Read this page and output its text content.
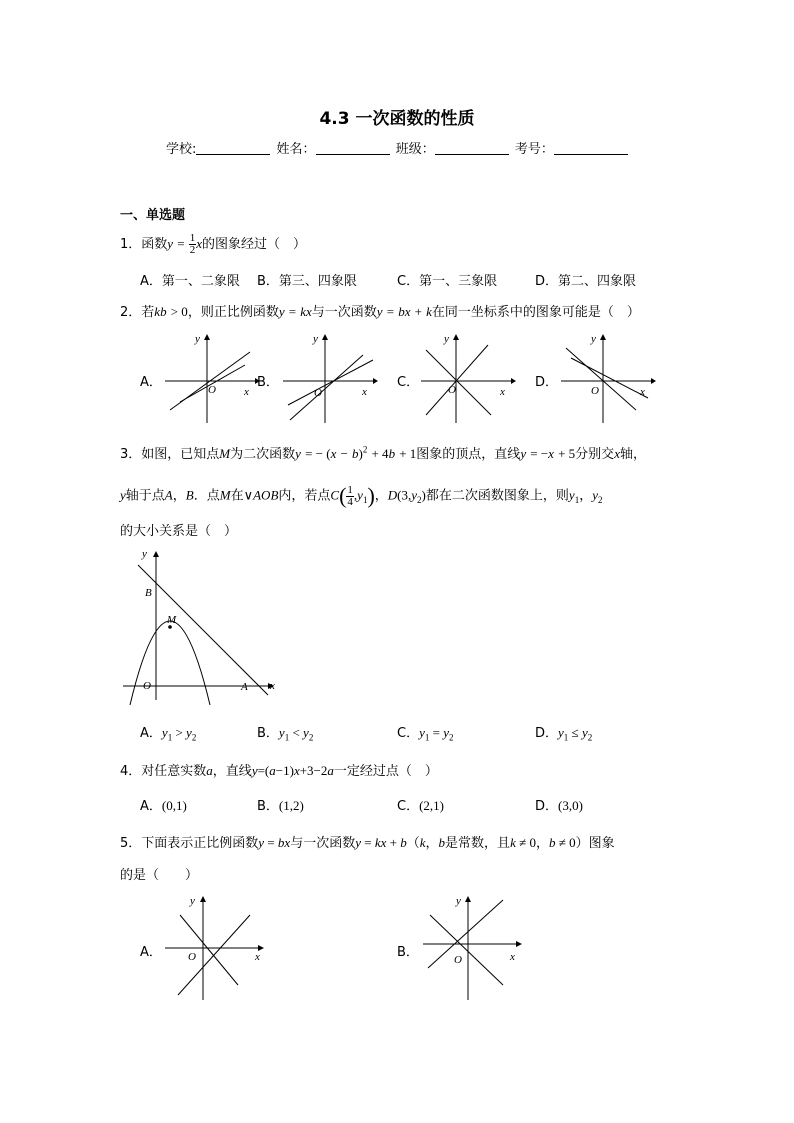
4.3 一次函数的性质
学校:	姓名：	班级：	考号：
一、单选题
1．函数$y = \frac{1}{2}$ x的图象经过（　）
A．第一、二象限 B．第三、四象限	C．第一、三象限	D．第二、四象限
2．若kb > 0，则正比例函数y = kx与一次函数y = bx + k在同一坐标系中的图象可能是（　）
A．
y
O	x
B．
y
O	x
C．
y
O	x
D．
y
O	x
3．如图，已知点M为二次函数y = − $(x - b)^2 + 4b + 1$图象的顶点，直线y = −x + 5分别交x轴，
y轴于点A，B．点M在∨AOB内，若点$C( \frac{1}{4} ,y_1)$，$D(3,y_2)$都在二次函数图象上，则$y_1$，$y_2$
的大小关系是（　）
y
B
M
O	A x
A．$y_1 > y_2$	B．$y_1 < y_2$	C．$y_1 = y_2$	D．$y_1 \le y_2$
4．对任意实数a，直线y=(a−1)x+3−2a一定经过点（　）
A．(0,1)	B．(1,2)	C．(2,1)	D．(3,0)
5．下面表示正比例函数y = bx与一次函数y = kx + b（k，b是常数，且k ≠ 0，b ≠ 0）图象
的是（　　）
A．
y
O	x	B．
y
O	x
